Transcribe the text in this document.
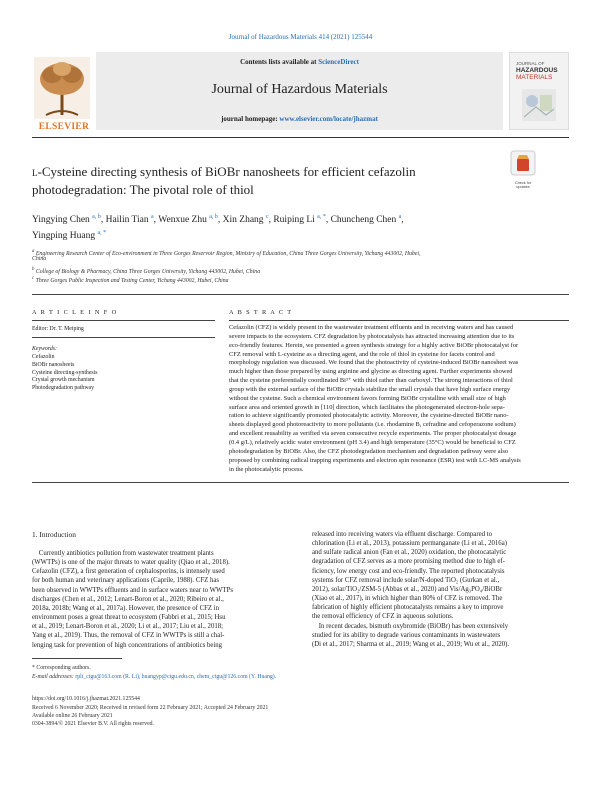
Journal of Hazardous Materials 414 (2021) 125544
ELSEVIER
Contents lists available at ScienceDirect
Journal of Hazardous Materials
journal homepage: www.elsevier.com/locate/jhazmat
JOURNAL OF
HAZARDOUS
MATERIALS
l-Cysteine directing synthesis of BiOBr nanosheets for efficient cefazolin
photodegradation: The pivotal role of thiol	Check for
updates
Yingying Chen $^{a, b}$, Hailin Tian $^a$, Wenxue Zhu $^{a, b}$, Xin Zhang $^c$, Ruiping Li $^{a, *}$, Chuncheng Chen $^a$,
Yingping Huang $^{a, *}$
$^a$ Engineering Research Center of Eco-environment in Three Gorges Reservoir Region, Ministry of Education, China Three Gorges University, Yichang 443002, Hubei,
China
$^b$ College of Biology & Pharmacy, China Three Gorges University, Yichang 443002, Hubei, China
$^c$ Three Gorges Public Inspection and Testing Center, Yichang 443002, Hubei, China
A R T I C L E I N F O
Editor: Dr. T. Meiping
Keywords:
Cefazolin
BiOBr nanosheets
Cysteine directing-synthesis
Crystal growth mechanism
Photodegradation pathway
A B S T R A C T
Cefazolin (CFZ) is widely present in the wastewater treatment effluents and in receiving waters and has caused
severe impacts to the ecosystem. CFZ degradation by photocatalysis has attracted increasing attention due to its
eco-friendly features. Herein, we presented a green synthesis strategy for a highly active BiOBr photocatalyst for
CFZ removal with L-cysteine as a directing agent, and the role of thiol in cysteine for facets control and
morphology regulation was discussed. We found that the photoactivity of cysteine-induced BiOBr nanosheet was
much higher than those prepared by using arginine and glycine as directing agent. Further experiments showed
that the cysteine preferentially coordinated Bi³⁺ with thiol rather than carboxyl. The strong interactions of thiol
group with the external surface of the BiOBr crystals stabilize the small crystals that have high surface energy
without the cysteine. Such a chemical environment favors forming BiOBr crystalline with small size of high
surface area and oriented growth in [110] direction, which facilitates the photogenerated electron-hole sepa-
ration to achieve significantly promoted photocatalytic activity. Moreover, the cysteine-directed BiOBr nano-
sheets displayed good photoreactivity to more pollutants (i.e. rhodamine B, cefradine and cefoperazone sodium)
and excellent reusability as verified via seven consecutive recycle experiments. The proper photocatalyst dosage
(0.4 g/L), relatively acidic water environment (pH 3.4) and high temperature (35°C) would be beneficial to CFZ
photodegradation by BiOBr. Also, the CFZ photodegradation mechanism and degradation pathway were also
proposed by combining radical trapping experiments and electron spin resonance (ESR) test with LC-MS analysis
in the photocatalytic process.
1. Introduction
Currently antibiotics pollution from wastewater treatment plants
(WWTPs) is one of the major threats to water quality (Qiao et al., 2018).
Cefazolin (CFZ), a first generation of cephalosporins, is intensely used
for both human and veterinary applications (Caprile, 1988). CFZ has
been observed in WWTPs effluents and in surface waters near to WWTPs
discharges (Chen et al., 2012; Lenart-Boron et al., 2020; Ribeiro et al.,
2018a, 2018b; Wang et al., 2017a). However, the presence of CFZ in
environment poses a great threat to ecosystem (Fabbri et al., 2015; Hsu
et al., 2019; Lenart-Boron et al., 2020; Li et al., 2017; Liu et al., 2018;
Yang et al., 2019). Thus, the removal of CFZ in WWTPs is still a chal-
lenging task for prevention of high concentrations of antibiotics being
released into receiving waters via effluent discharge. Compared to
chlorination (Li et al., 2013), potassium permanganate (Li et al., 2016a)
and sulfate radical anion (Fan et al., 2020) oxidation, the photocatalytic
degradation of CFZ serves as a more promising method due to high ef-
ficiency, low energy cost and eco-friendly. The reported photocatalysis
systems for CFZ removal include solar/N-doped TiO₂ (Gurkan et al.,
2012), solar/TiO₂/ZSM-5 (Abbas et al., 2020) and Vis/Ag₃PO₄/BiOBr
(Xiao et al., 2017), in which higher than 80% of CFZ is removed. The
fabrication of highly efficient photocatalysts remains a key to improve
the removal efficiency of CFZ in aqueous solutions.
In recent decades, bismuth oxybromide (BiOBr) has been extensively
studied for its ability to degrade various contaminants in wastewaters
(Di et al., 2017; Sharma et al., 2019; Wang et al., 2019; Wu et al., 2020).
* Corresponding authors.
E-mail addresses: rpli_ctgu@163.com (R. Li), huangyp@ctgu.edu.cn, chem_ctgu@126.com (Y. Huang).
https://doi.org/10.1016/j.jhazmat.2021.125544
Received 6 November 2020; Received in revised form 22 February 2021; Accepted 24 February 2021
Available online 26 February 2021
0304-3894/© 2021 Elsevier B.V. All rights reserved.
